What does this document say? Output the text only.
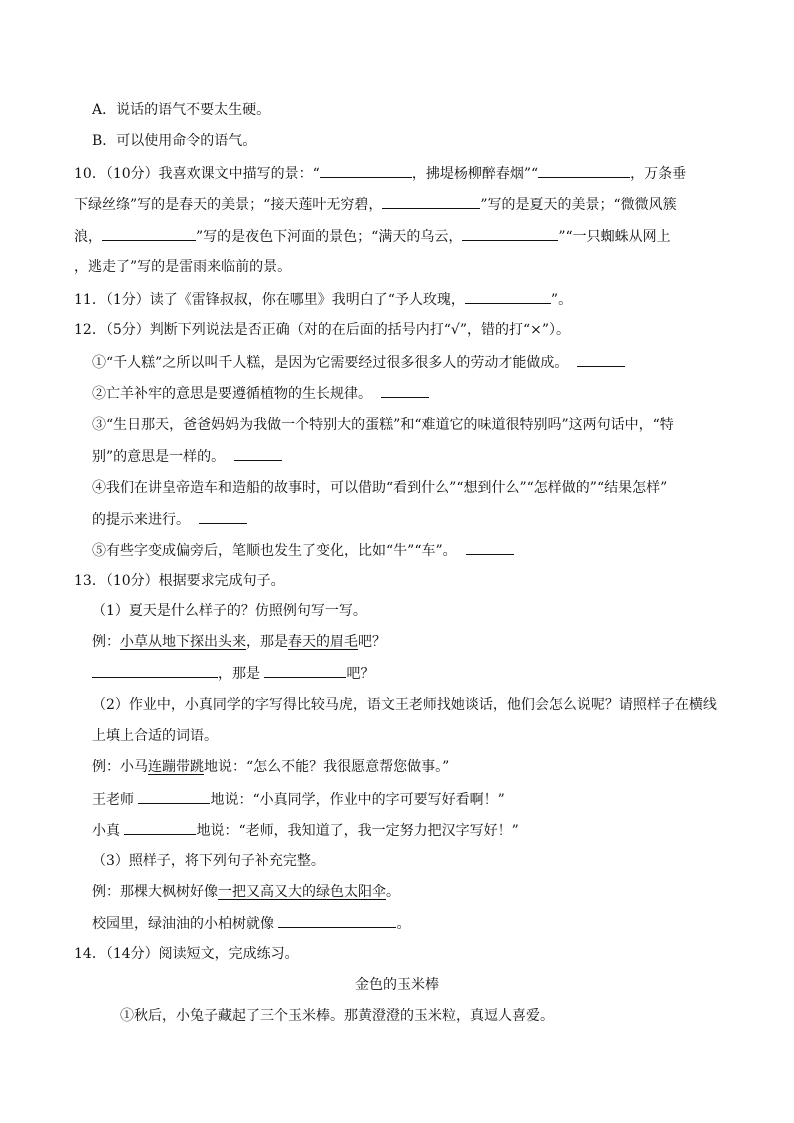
A．说话的语气不要太生硬。
B．可以使用命令的语气。
10．（10分）我喜欢课文中描写的景：“	，拂堤杨柳醉春烟”“	，万条垂
下绿丝绦”写的是春天的美景；“接天莲叶无穷碧，	”写的是夏天的美景；“微微风簇
浪，	”写的是夜色下河面的景色；“满天的乌云，	”“一只蜘蛛从网上
，逃走了”写的是雷雨来临前的景。
11．（1分）读了《雷锋叔叔，你在哪里》我明白了“予人玫瑰，	”。
12．（5分）判断下列说法是否正确（对的在后面的括号内打“√”，错的打“×”）。
①“千人糕”之所以叫千人糕，是因为它需要经过很多很多人的劳动才能做成。
②亡羊补牢的意思是要遵循植物的生长规律。
③“生日那天，爸爸妈妈为我做一个特别大的蛋糕”和“难道它的味道很特别吗”这两句话中，“特
别”的意思是一样的。
④我们在讲皇帝造车和造船的故事时，可以借助“看到什么”“想到什么”“怎样做的”“结果怎样”
的提示来进行。
⑤有些字变成偏旁后，笔顺也发生了变化，比如“牛”“车”。
13．（10分）根据要求完成句子。
（1）夏天是什么样子的？仿照例句写一写。
例：小草从地下探出头来，那是春天的眉毛吧？
，那是	吧？
（2）作业中，小真同学的字写得比较马虎，语文王老师找她谈话，他们会怎么说呢？请照样子在横线
上填上合适的词语。
例：小马连蹦带跳地说：“怎么不能？我很愿意帮您做事。”
王老师	地说：“小真同学，作业中的字可要写好看啊！”
小真	地说：“老师，我知道了，我一定努力把汉字写好！”
（3）照样子，将下列句子补充完整。
例：那棵大枫树好像一把又高又大的绿色太阳伞。
校园里，绿油油的小柏树就像	。
14．（14分）阅读短文，完成练习。
金色的玉米棒
①秋后，小兔子藏起了三个玉米棒。那黄澄澄的玉米粒，真逗人喜爱。
